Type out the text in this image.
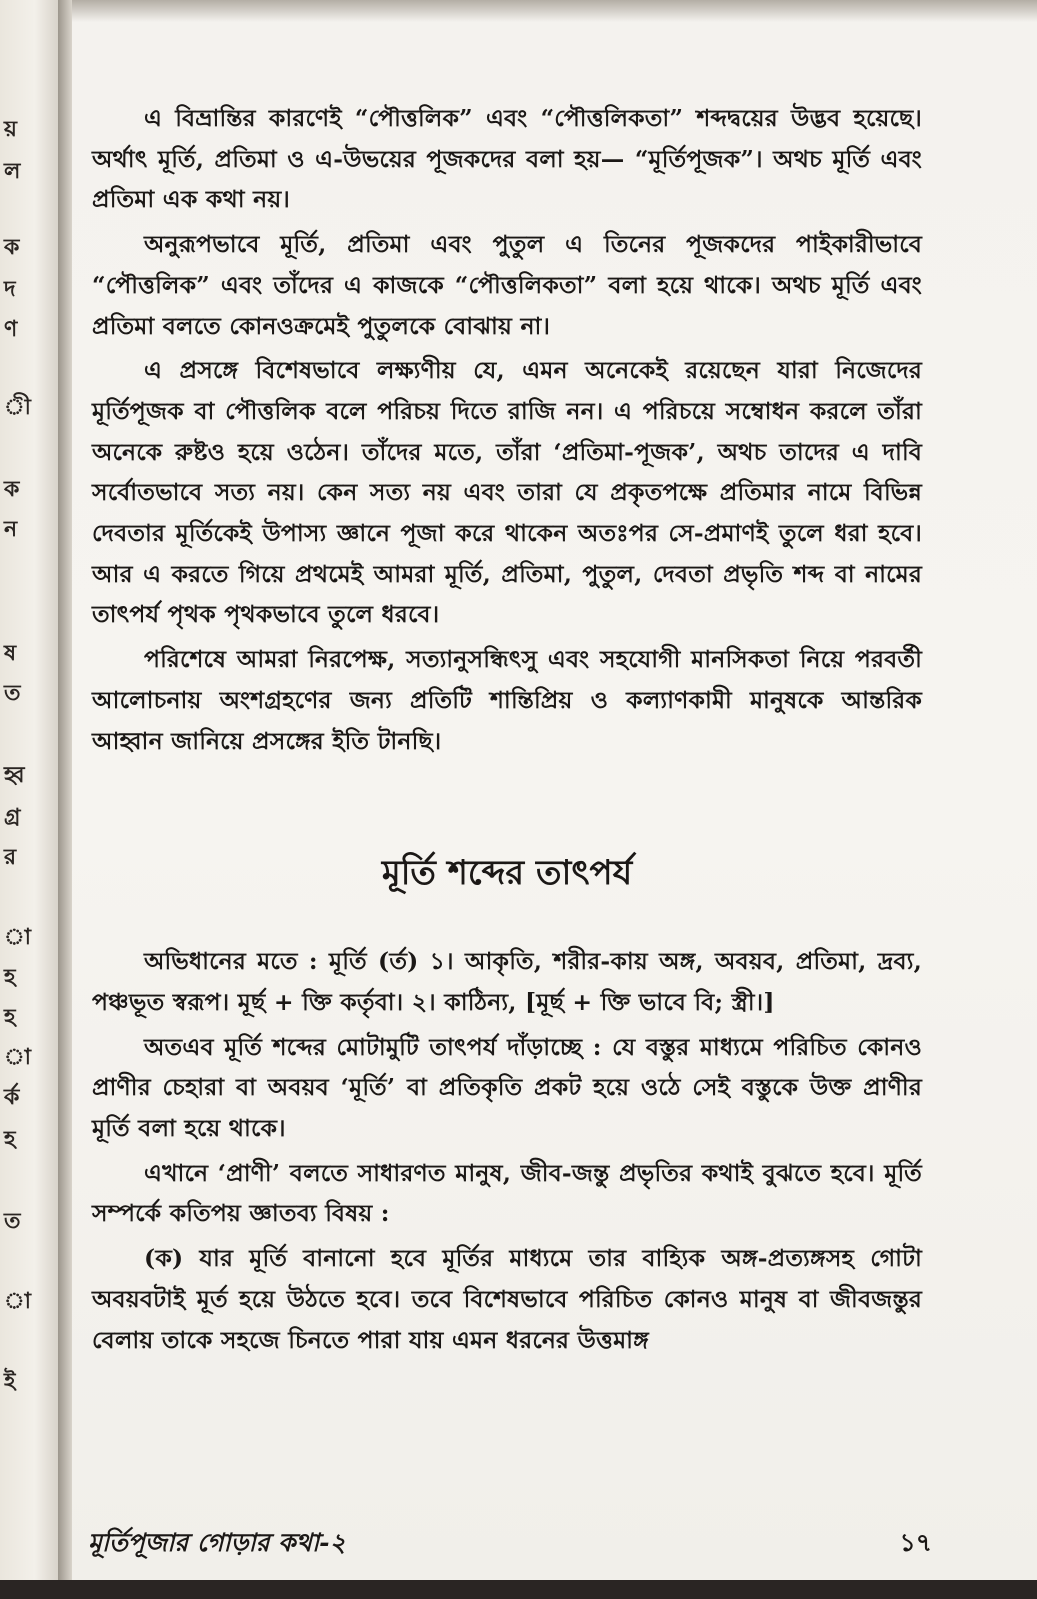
য়
ল
ক
দ
ণ
ী
ক
ন
ষ
ত
হ্ব
গ্র
র
া
হ
হ
া
ৰ্ক
হ
ত
া
ই

এ বিভ্রান্তির কারণেই “পৌত্তলিক” এবং “পৌত্তলিকতা” শব্দদ্বয়ের উদ্ভব হয়েছে। অর্থাৎ মূর্তি, প্রতিমা ও এ-উভয়ের পূজকদের বলা হয়— “মূর্তিপূজক”। অথচ মূর্তি এবং প্রতিমা এক কথা নয়।

অনুরূপভাবে মূর্তি, প্রতিমা এবং পুতুল এ তিনের পূজকদের পাইকারীভাবে “পৌত্তলিক” এবং তাঁদের এ কাজকে “পৌত্তলিকতা” বলা হয়ে থাকে। অথচ মূর্তি এবং প্রতিমা বলতে কোনওক্রমেই পুতুলকে বোঝায় না।

এ প্রসঙ্গে বিশেষভাবে লক্ষ্যণীয় যে, এমন অনেকেই রয়েছেন যারা নিজেদের মূর্তিপূজক বা পৌত্তলিক বলে পরিচয় দিতে রাজি নন। এ পরিচয়ে সম্বোধন করলে তাঁরা অনেকে রুষ্টও হয়ে ওঠেন। তাঁদের মতে, তাঁরা ‘প্রতিমা-পূজক’, অথচ তাদের এ দাবি সর্বোতভাবে সত্য নয়। কেন সত্য নয় এবং তারা যে প্রকৃতপক্ষে প্রতিমার নামে বিভিন্ন দেবতার মূর্তিকেই উপাস্য জ্ঞানে পূজা করে থাকেন অতঃপর সে-প্রমাণই তুলে ধরা হবে। আর এ করতে গিয়ে প্রথমেই আমরা মূর্তি, প্রতিমা, পুতুল, দেবতা প্রভৃতি শব্দ বা নামের তাৎপর্য পৃথক পৃথকভাবে তুলে ধরবে।

পরিশেষে আমরা নিরপেক্ষ, সত্যানুসন্ধিৎসু এবং সহযোগী মানসিকতা নিয়ে পরবর্তী আলোচনায় অংশগ্রহণের জন্য প্রতিটি শান্তিপ্রিয় ও কল্যাণকামী মানুষকে আন্তরিক আহ্বান জানিয়ে প্রসঙ্গের ইতি টানছি।

মূর্তি শব্দের তাৎপর্য

অভিধানের মতে : মূর্তি (র্ত) ১। আকৃতি, শরীর-কায় অঙ্গ, অবয়ব, প্রতিমা, দ্রব্য, পঞ্চভূত স্বরূপ। মূর্ছ + ক্তি কর্তৃবা। ২। কাঠিন্য, [মূর্ছ + ক্তি ভাবে বি; স্ত্রী।]

অতএব মূর্তি শব্দের মোটামুটি তাৎপর্য দাঁড়াচ্ছে : যে বস্তুর মাধ্যমে পরিচিত কোনও প্রাণীর চেহারা বা অবয়ব ‘মূর্তি’ বা প্রতিকৃতি প্রকট হয়ে ওঠে সেই বস্তুকে উক্ত প্রাণীর মূর্তি বলা হয়ে থাকে।

এখানে ‘প্রাণী’ বলতে সাধারণত মানুষ, জীব-জন্তু প্রভৃতির কথাই বুঝতে হবে। মূর্তি সম্পর্কে কতিপয় জ্ঞাতব্য বিষয় :

(ক) যার মূর্তি বানানো হবে মূর্তির মাধ্যমে তার বাহ্যিক অঙ্গ-প্রত্যঙ্গসহ গোটা অবয়বটাই মূর্ত হয়ে উঠতে হবে। তবে বিশেষভাবে পরিচিত কোনও মানুষ বা জীবজন্তুর বেলায় তাকে সহজে চিনতে পারা যায় এমন ধরনের উত্তমাঙ্গ

মূর্তিপূজার গোড়ার কথা-২	১৭
